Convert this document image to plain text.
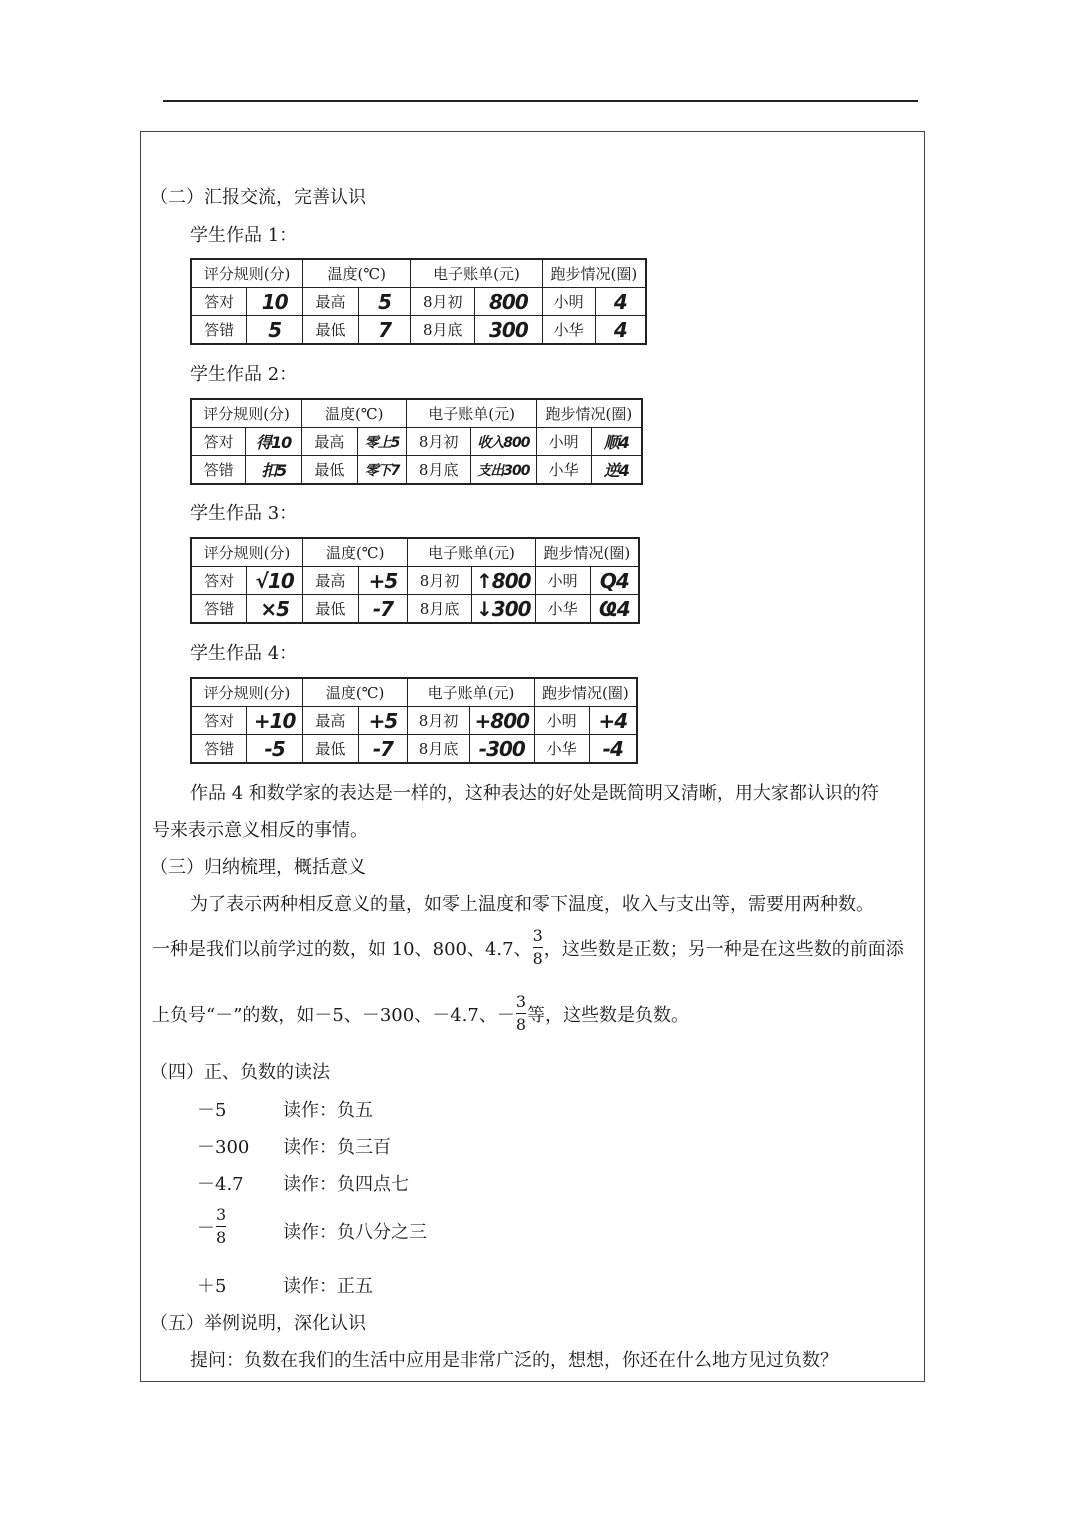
（二）汇报交流，完善认识
学生作品 1：
评分规则(分)		温度(℃)		电子账单(元)		跑步情况(圈)	
答对	10	最高	5	8月初	800	小明	4
答错	5	最低	7	8月底	300	小华	4
学生作品 2：
评分规则(分)		温度(℃)		电子账单(元)		跑步情况(圈)	
答对	得10	最高	零上5	8月初	收入800	小明	顺4
答错	扣5	最低	零下7	8月底	支出300	小华	逆4
学生作品 3：
评分规则(分)		温度(℃)		电子账单(元)		跑步情况(圈)	
答对	√10	最高	+5	8月初	↑800	小明	Q4
答错	×5	最低	-7	8月底	↓300	小华	Ҩ4
学生作品 4：
评分规则(分)		温度(℃)		电子账单(元)		跑步情况(圈)	
答对	+10	最高	+5	8月初	+800	小明	+4
答错	-5	最低	-7	8月底	-300	小华	-4
作品 4 和数学家的表达是一样的，这种表达的好处是既简明又清晰，用大家都认识的符
号来表示意义相反的事情。
（三）归纳梳理，概括意义
为了表示两种相反意义的量，如零上温度和零下温度，收入与支出等，需要用两种数。
一种是我们以前学过的数，如 10、800、4.7、 $\frac{3}{8}$ ，这些数是正数；另一种是在这些数的前面添
上负号“－”的数，如－5、－300、－4.7、－ $\frac{3}{8}$ 等，这些数是负数。
（四）正、负数的读法
－5	读作：负五
－300 读作：负三百
－4.7 读作：负四点七
－ $\frac{3}{8}$	读作：负八分之三
＋5	读作：正五
（五）举例说明，深化认识
提问：负数在我们的生活中应用是非常广泛的，想想，你还在什么地方见过负数？
